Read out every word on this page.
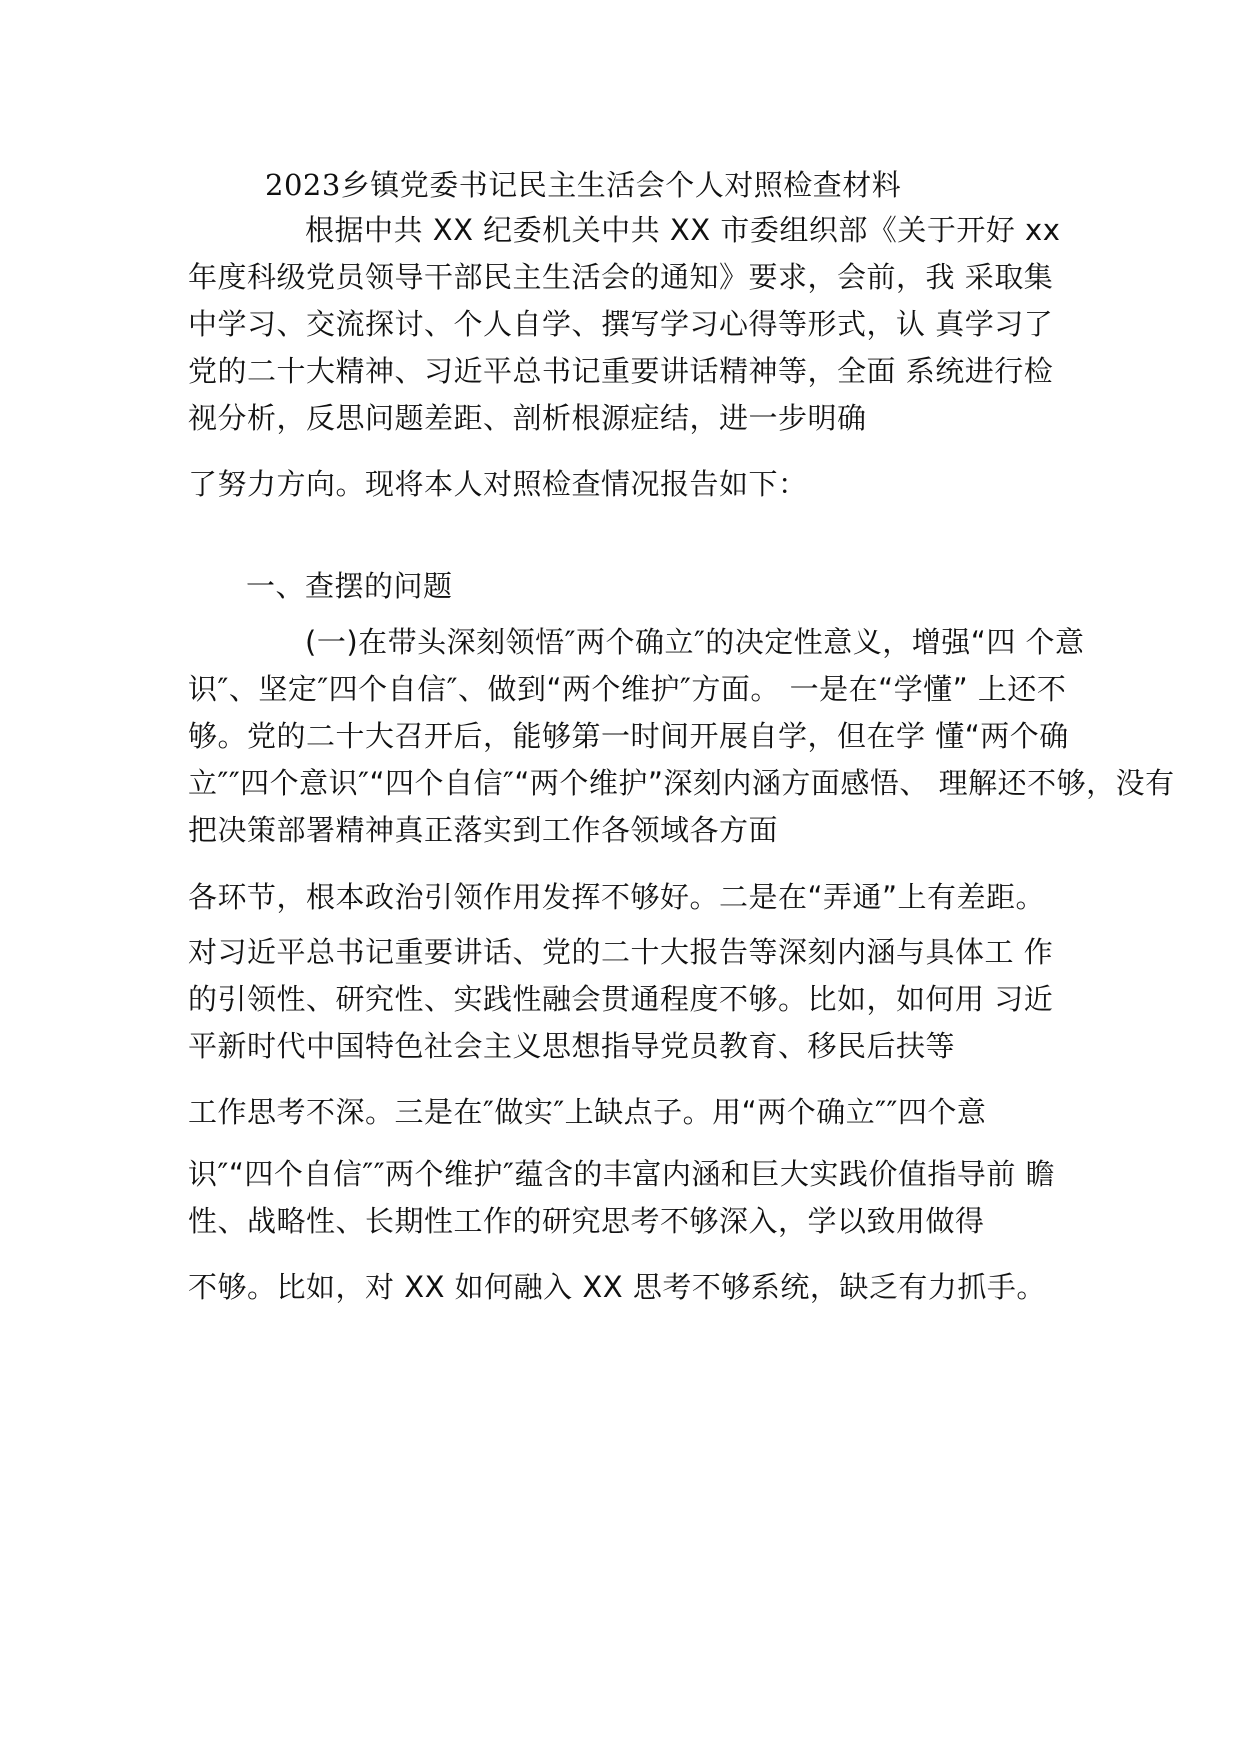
2023乡镇党委书记民主生活会个人对照检查材料
根据中共 XX 纪委机关中共 XX 市委组织部《关于开好 xx
年度科级党员领导干部民主生活会的通知》要求，会前，我 采取集
中学习、交流探讨、个人自学、撰写学习心得等形式，认 真学习了
党的二十大精神、习近平总书记重要讲话精神等，全面 系统进行检
视分析，反思问题差距、剖析根源症结，进一步明确
了努力方向。现将本人对照检查情况报告如下：
一、查摆的问题
(一)在带头深刻领悟″两个确立″的决定性意义，增强“四 个意
识″、坚定″四个自信″、做到“两个维护″方面。 一是在“学懂” 上还不
够。党的二十大召开后，能够第一时间开展自学，但在学 懂“两个确
立″″四个意识″“四个自信″“两个维护”深刻内涵方面感悟、 理解还不够，没有
把决策部署精神真正落实到工作各领域各方面
各环节，根本政治引领作用发挥不够好。二是在“弄通”上有差距。
对习近平总书记重要讲话、党的二十大报告等深刻内涵与具体工 作
的引领性、研究性、实践性融会贯通程度不够。比如，如何用 习近
平新时代中国特色社会主义思想指导党员教育、移民后扶等
工作思考不深。三是在″做实″上缺点子。用“两个确立″″四个意
识″“四个自信″″两个维护″蕴含的丰富内涵和巨大实践价值指导前 瞻
性、战略性、长期性工作的研究思考不够深入，学以致用做得
不够。比如，对 XX 如何融入 XX 思考不够系统，缺乏有力抓手。
